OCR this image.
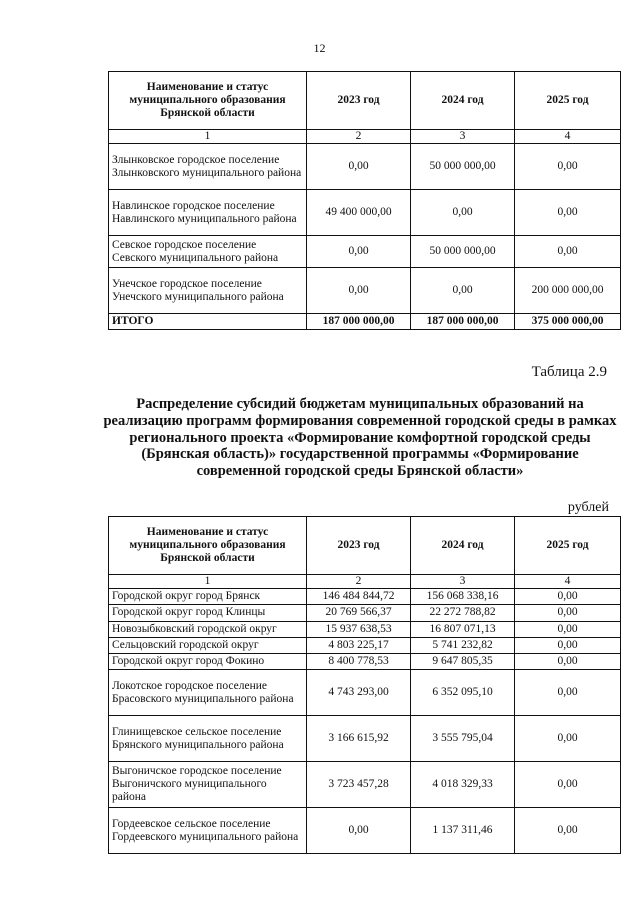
12
Наименование и статус муниципального образования Брянской области	2023 год	2024 год	2025 год
1	2	3	4
Злынковское городское поселение Злынковского муниципального района	0,00	50 000 000,00	0,00
Навлинское городское поселение Навлинского муниципального района	49 400 000,00	0,00	0,00
Севское городское поселение Севского муниципального района	0,00	50 000 000,00	0,00
Унечское городское поселение Унечского муниципального района	0,00	0,00	200 000 000,00
ИТОГО	187 000 000,00	187 000 000,00	375 000 000,00
Таблица 2.9

Распределение субсидий бюджетам муниципальных образований на реализацию программ формирования современной городской среды в рамках регионального проекта «Формирование комфортной городской среды (Брянская область)» государственной программы «Формирование современной городской среды Брянской области»

рублей
Наименование и статус муниципального образования Брянской области	2023 год	2024 год	2025 год
1	2	3	4
Городской округ город Брянск	146 484 844,72	156 068 338,16	0,00
Городской округ город Клинцы	20 769 566,37	22 272 788,82	0,00
Новозыбковский городской округ	15 937 638,53	16 807 071,13	0,00
Сельцовский городской округ	4 803 225,17	5 741 232,82	0,00
Городской округ город Фокино	8 400 778,53	9 647 805,35	0,00
Локотское городское поселение Брасовского муниципального района	4 743 293,00	6 352 095,10	0,00
Глинищевское сельское поселение Брянского муниципального района	3 166 615,92	3 555 795,04	0,00
Выгоничское городское поселение Выгоничского муниципального района	3 723 457,28	4 018 329,33	0,00
Гордеевское сельское поселение Гордеевского муниципального района	0,00	1 137 311,46	0,00
